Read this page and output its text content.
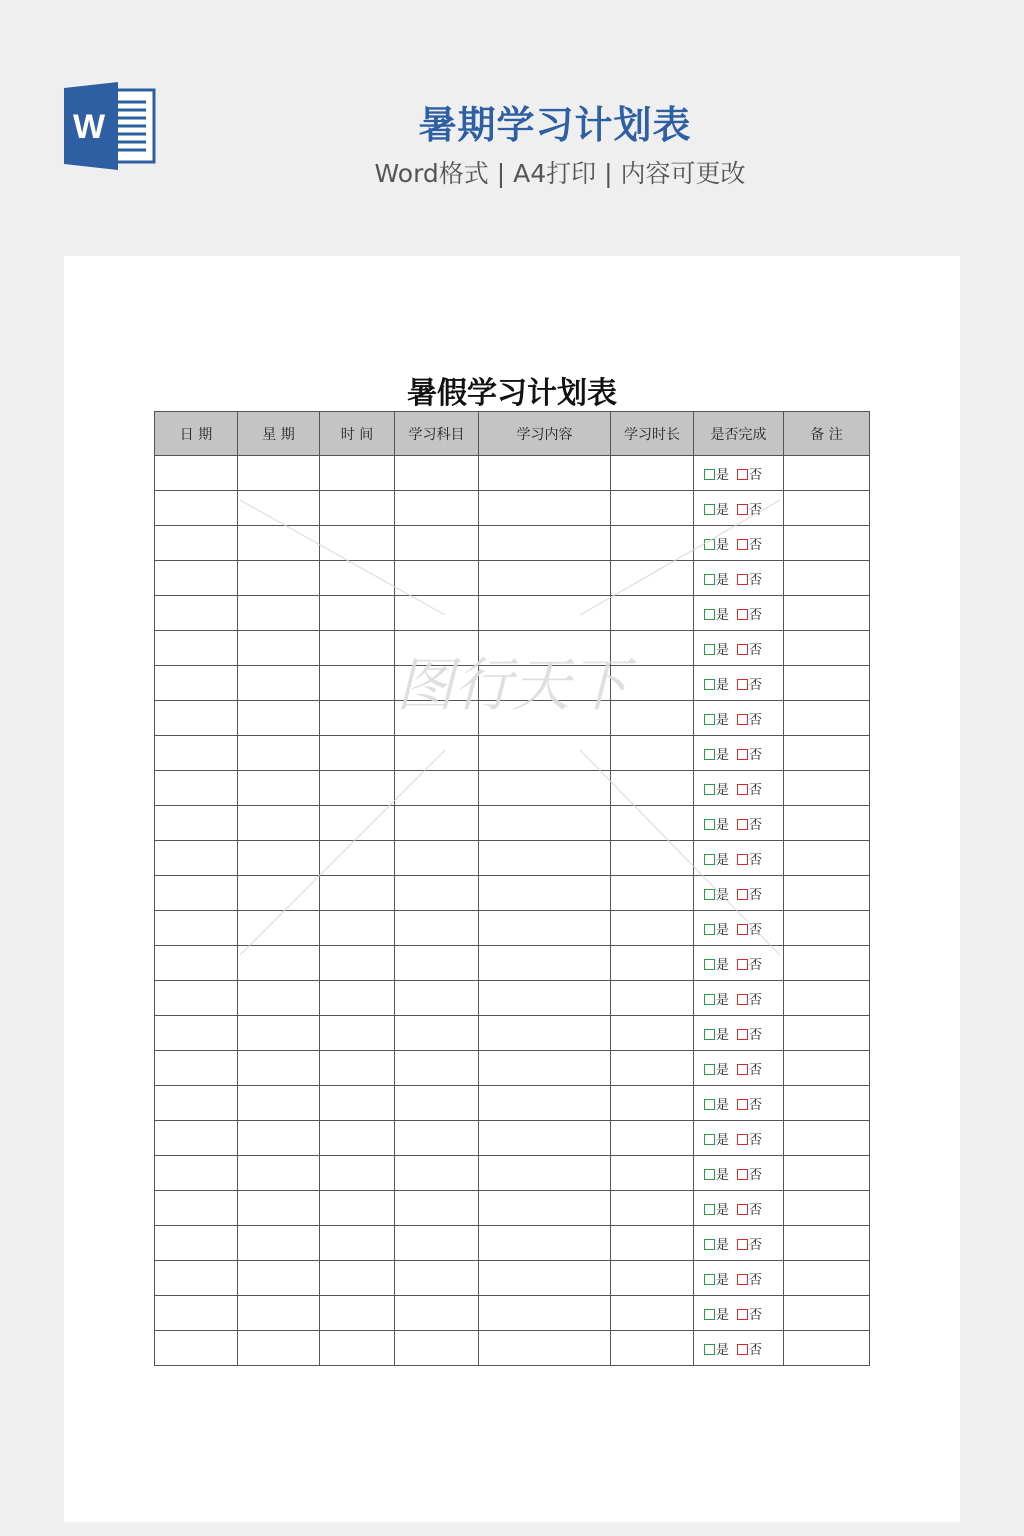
W	暑期学习计划表
Word格式 | A4打印 | 内容可更改
暑假学习计划表
日 期	星 期	时 间	学习科目	学习内容	学习时长	是否完成	备 注
						是 否	
						是 否	
						是 否	
						是 否	
						是 否	
						是 否	
						是 否	
						是 否	
						是 否	
						是 否	
						是 否	
						是 否	
						是 否	
						是 否	
						是 否	
						是 否	
						是 否	
						是 否	
						是 否	
						是 否	
						是 否	
						是 否	
						是 否	
						是 否	
						是 否	
						是 否	
图行天下
